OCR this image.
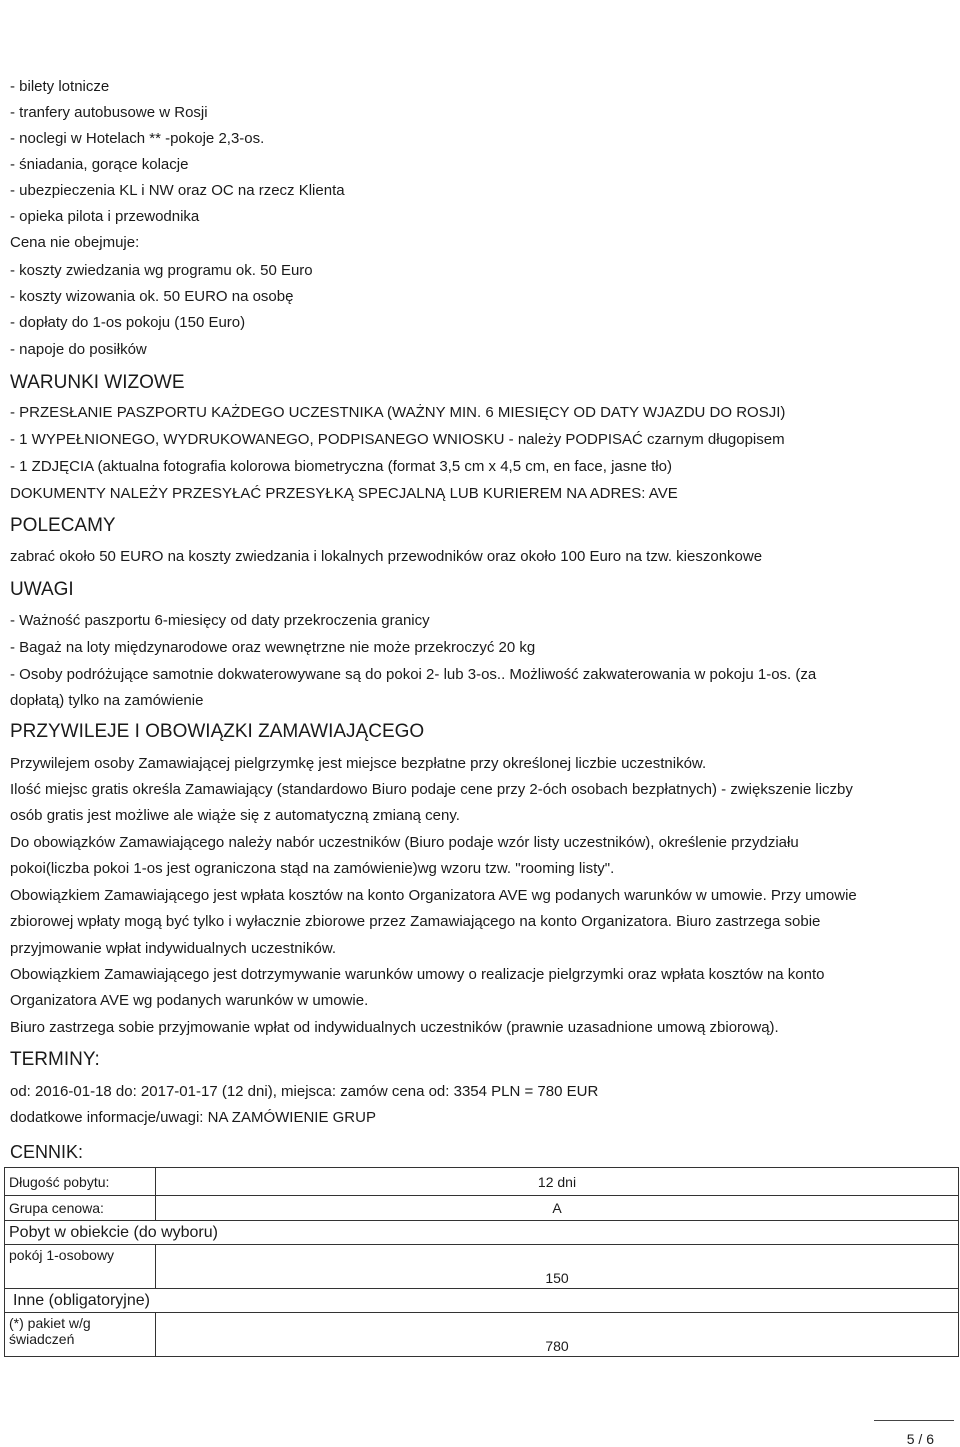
- bilety lotnicze
- tranfery autobusowe w Rosji
- noclegi w Hotelach ** -pokoje 2,3-os.
- śniadania, gorące kolacje
- ubezpieczenia KL i NW oraz OC na rzecz Klienta
- opieka pilota i przewodnika
Cena nie obejmuje:
- koszty zwiedzania wg programu ok. 50 Euro
- koszty wizowania ok. 50 EURO na osobę
- dopłaty do 1-os pokoju (150 Euro)
- napoje do posiłków
WARUNKI WIZOWE
- PRZESŁANIE PASZPORTU KAŻDEGO UCZESTNIKA (WAŻNY MIN. 6 MIESIĘCY OD DATY WJAZDU DO ROSJI)
- 1 WYPEŁNIONEGO, WYDRUKOWANEGO, PODPISANEGO WNIOSKU - należy PODPISAĆ czarnym długopisem
- 1 ZDJĘCIA (aktualna fotografia kolorowa biometryczna (format 3,5 cm x 4,5 cm, en face, jasne tło)
DOKUMENTY NALEŻY PRZESYŁAĆ PRZESYŁKĄ SPECJALNĄ LUB KURIEREM NA ADRES: AVE
POLECAMY
zabrać około 50 EURO na koszty zwiedzania i lokalnych przewodników oraz około 100 Euro na tzw. kieszonkowe
UWAGI
- Ważność paszportu 6-miesięcy od daty przekroczenia granicy
- Bagaż na loty międzynarodowe oraz wewnętrzne nie może przekroczyć 20 kg
- Osoby podróżujące samotnie dokwaterowywane są do pokoi 2- lub 3-os.. Możliwość zakwaterowania w pokoju 1-os. (za
dopłatą) tylko na zamówienie
PRZYWILEJE I OBOWIĄZKI ZAMAWIAJĄCEGO
Przywilejem osoby Zamawiającej pielgrzymkę jest miejsce bezpłatne przy określonej liczbie uczestników.
Ilość miejsc gratis określa Zamawiający (standardowo Biuro podaje cene przy 2-óch osobach bezpłatnych) - zwiększenie liczby
osób gratis jest możliwe ale wiąże się z automatyczną zmianą ceny.
Do obowiązków Zamawiającego należy nabór uczestników (Biuro podaje wzór listy uczestników), określenie przydziału
pokoi(liczba pokoi 1-os jest ograniczona stąd na zamówienie)wg wzoru tzw. "rooming listy".
Obowiązkiem Zamawiającego jest wpłata kosztów na konto Organizatora AVE wg podanych warunków w umowie. Przy umowie
zbiorowej wpłaty mogą być tylko i wyłacznie zbiorowe przez Zamawiającego na konto Organizatora. Biuro zastrzega sobie
przyjmowanie wpłat indywidualnych uczestników.
Obowiązkiem Zamawiającego jest dotrzymywanie warunków umowy o realizacje pielgrzymki oraz wpłata kosztów na konto
Organizatora AVE wg podanych warunków w umowie.
Biuro zastrzega sobie przyjmowanie wpłat od indywidualnych uczestników (prawnie uzasadnione umową zbiorową).
TERMINY:
od: 2016-01-18 do: 2017-01-17 (12 dni), miejsca: zamów cena od: 3354 PLN = 780 EUR
dodatkowe informacje/uwagi: NA ZAMÓWIENIE GRUP
CENNIK:
Długość pobytu:	12 dni
Grupa cenowa:	A
Pobyt w obiekcie (do wyboru)	
pokój 1-osobowy	150
Inne (obligatoryjne)	
(*) pakiet w/g świadczeń	780
5 / 6
